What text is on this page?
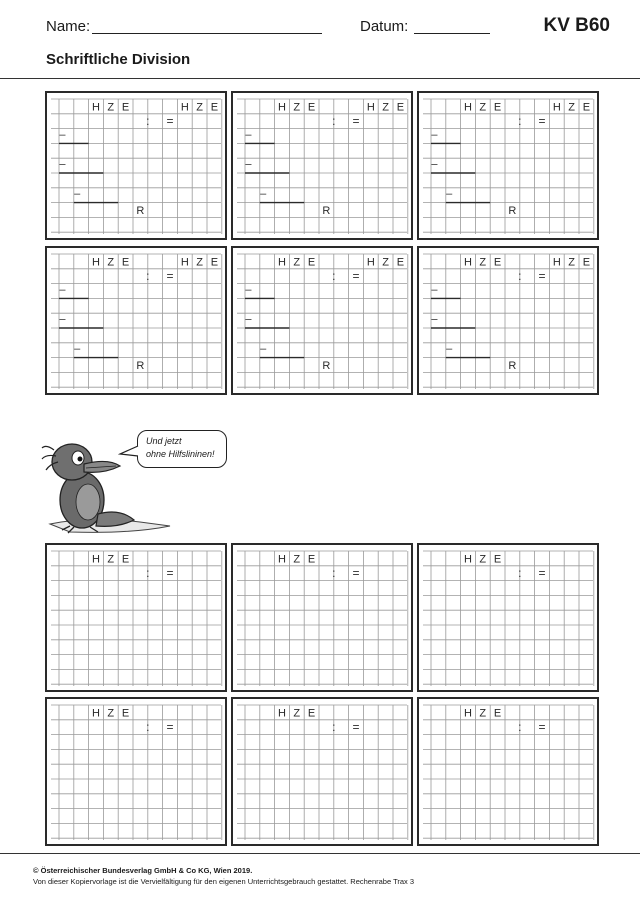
Name:	Datum:	KV B60
Schriftliche Division
H Z E
: =
H Z E
–
–
–
R
H Z E
: =
H Z E
–
–
–
R
H Z E
: =
H Z E
–
–
–
R
H Z E
: =
H Z E
–
–
–
R
H Z E
: =
H Z E
–
–
–
R
H Z E
: =
H Z E
–
–
–
R
H Z E
: =
H Z E
: =
H Z E
: =
H Z E
: =
H Z E
: =
H Z E
: =
Und jetzt
ohne Hilfslininen!
© Österreichischer Bundesverlag GmbH & Co KG, Wien 2019.
Von dieser Kopiervorlage ist die Vervielfältigung für den eigenen Unterrichtsgebrauch gestattet. Rechenrabe Trax 3
